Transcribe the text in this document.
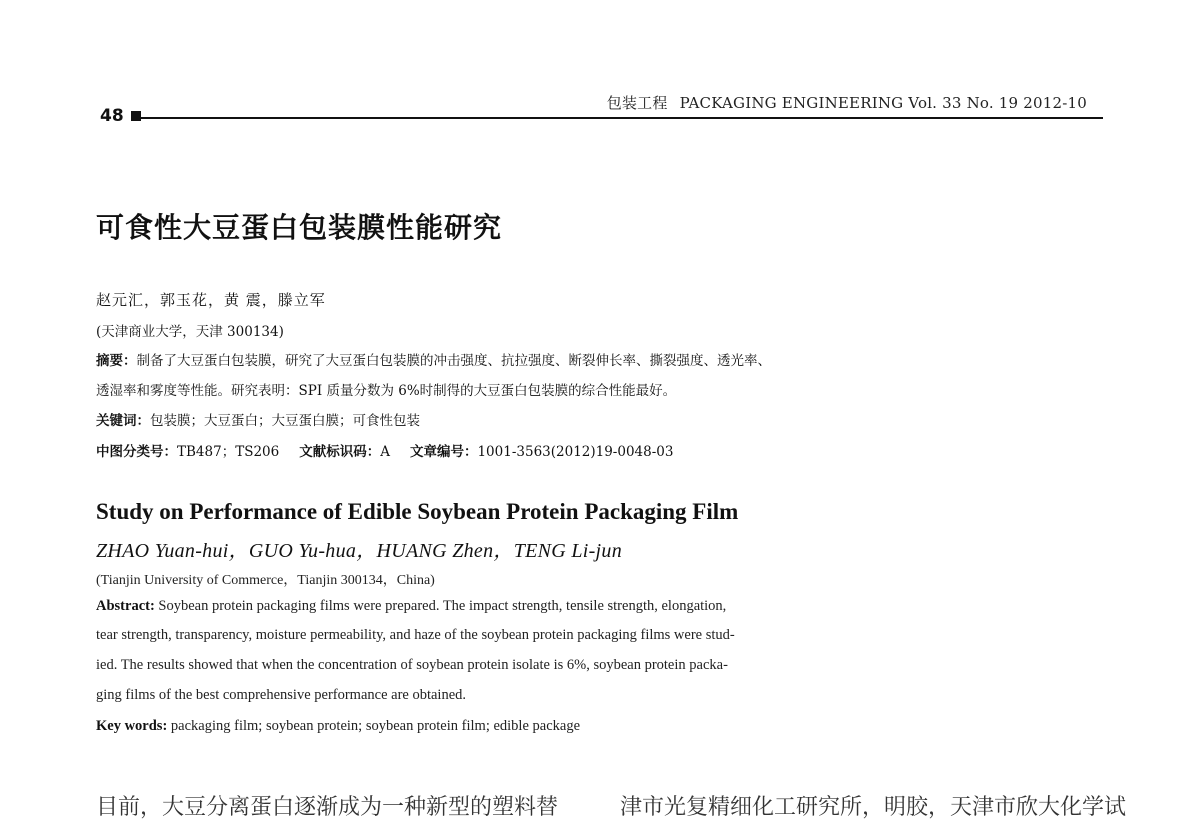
48
包装工程 PACKAGING ENGINEERING Vol. 33 No. 19 2012-10
可食性大豆蛋白包装膜性能研究
赵元汇，郭玉花，黄 震，滕立军
(天津商业大学，天津 300134)
摘要：制备了大豆蛋白包装膜，研究了大豆蛋白包装膜的冲击强度、抗拉强度、断裂伸长率、撕裂强度、透光率、
透湿率和雾度等性能。研究表明：SPI 质量分数为 6%时制得的大豆蛋白包装膜的综合性能最好。
关键词：包装膜；大豆蛋白；大豆蛋白膜；可食性包装
中图分类号：TB487；TS206 文献标识码：A 文章编号：1001-3563(2012)19-0048-03
Study on Performance of Edible Soybean Protein Packaging Film
ZHAO Yuan-hui，GUO Yu-hua，HUANG Zhen，TENG Li-jun
(Tianjin University of Commerce，Tianjin 300134，China)
Abstract: Soybean protein packaging films were prepared. The impact strength, tensile strength, elongation,
tear strength, transparency, moisture permeability, and haze of the soybean protein packaging films were stud-
ied. The results showed that when the concentration of soybean protein isolate is 6%, soybean protein packa-
ging films of the best comprehensive performance are obtained.
Key words: packaging film; soybean protein; soybean protein film; edible package
目前，大豆分离蛋白逐渐成为一种新型的塑料替	津市光复精细化工研究所，明胶，天津市欣大化学试
